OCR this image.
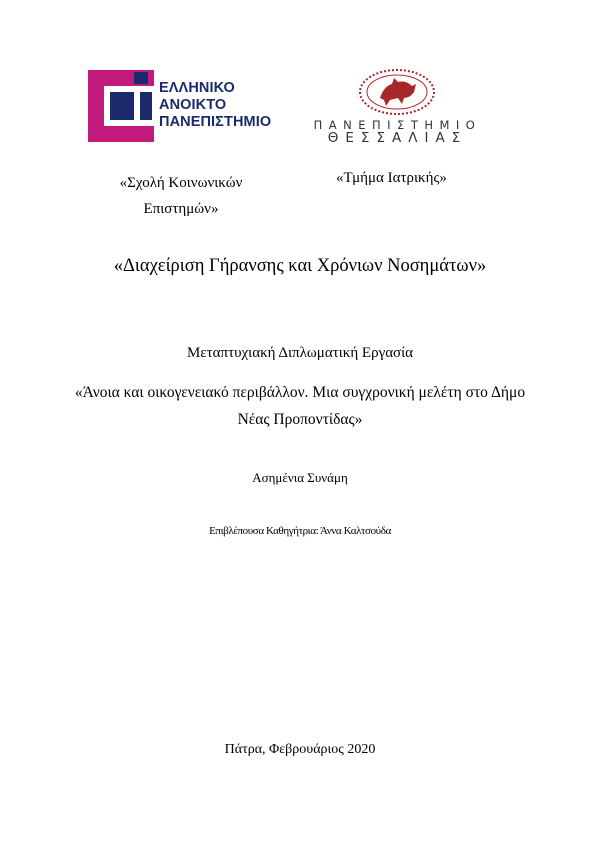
ΕΛΛΗΝΙΚΟ
ΑΝΟΙΚΤΟ
ΠΑΝΕΠΙΣΤΗΜΙΟ	ΠΑΝΕΠΙΣΤΗΜΙΟ
ΘΕΣΣΑΛΙΑΣ
«Σχολή Κοινωνικών Επιστημών»
«Τμήμα Ιατρικής»
«Διαχείριση Γήρανσης και Χρόνιων Νοσημάτων»
Μεταπτυχιακή Διπλωματική Εργασία
«Άνοια και οικογενειακό περιβάλλον. Μια συγχρονική μελέτη στο Δήμο Νέας Προποντίδας»
Ασημένια Συνάμη
Επιβλέπουσα Καθηγήτρια: Άννα Καλτσούδα
Πάτρα, Φεβρουάριος 2020
